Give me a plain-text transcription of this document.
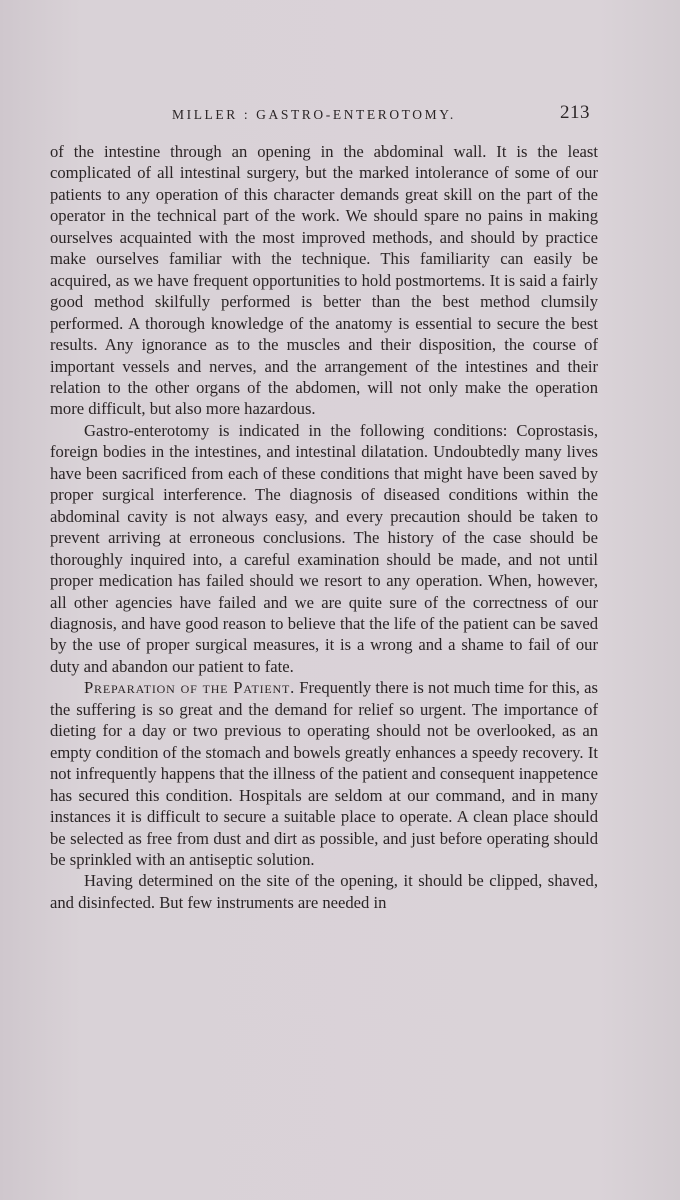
MILLER : GASTRO-ENTEROTOMY.	213

of the intestine through an opening in the abdominal wall. It is the least complicated of all intestinal surgery, but the marked intolerance of some of our patients to any operation of this character demands great skill on the part of the operator in the technical part of the work. We should spare no pains in making ourselves acquainted with the most improved methods, and should by practice make ourselves familiar with the technique. This familiarity can easily be acquired, as we have frequent opportunities to hold postmortems. It is said a fairly good method skilfully performed is better than the best method clumsily performed. A thorough knowledge of the anatomy is essential to secure the best results. Any ignorance as to the muscles and their disposition, the course of important vessels and nerves, and the arrangement of the intestines and their relation to the other organs of the abdomen, will not only make the operation more difficult, but also more hazardous.

Gastro-enterotomy is indicated in the following conditions: Coprostasis, foreign bodies in the intestines, and intestinal dilatation. Undoubtedly many lives have been sacrificed from each of these conditions that might have been saved by proper surgical interference. The diagnosis of diseased conditions within the abdominal cavity is not always easy, and every precaution should be taken to prevent arriving at erroneous conclusions. The history of the case should be thoroughly inquired into, a careful examination should be made, and not until proper medication has failed should we resort to any operation. When, however, all other agencies have failed and we are quite sure of the correctness of our diagnosis, and have good reason to believe that the life of the patient can be saved by the use of proper surgical measures, it is a wrong and a shame to fail of our duty and abandon our patient to fate.

Preparation of the Patient. Frequently there is not much time for this, as the suffering is so great and the demand for relief so urgent. The importance of dieting for a day or two previous to operating should not be overlooked, as an empty condition of the stomach and bowels greatly enhances a speedy recovery. It not infrequently happens that the illness of the patient and consequent inappetence has secured this condition. Hospitals are seldom at our command, and in many instances it is difficult to secure a suitable place to operate. A clean place should be selected as free from dust and dirt as possible, and just before operating should be sprinkled with an antiseptic solution.

Having determined on the site of the opening, it should be clipped, shaved, and disinfected. But few instruments are needed in
